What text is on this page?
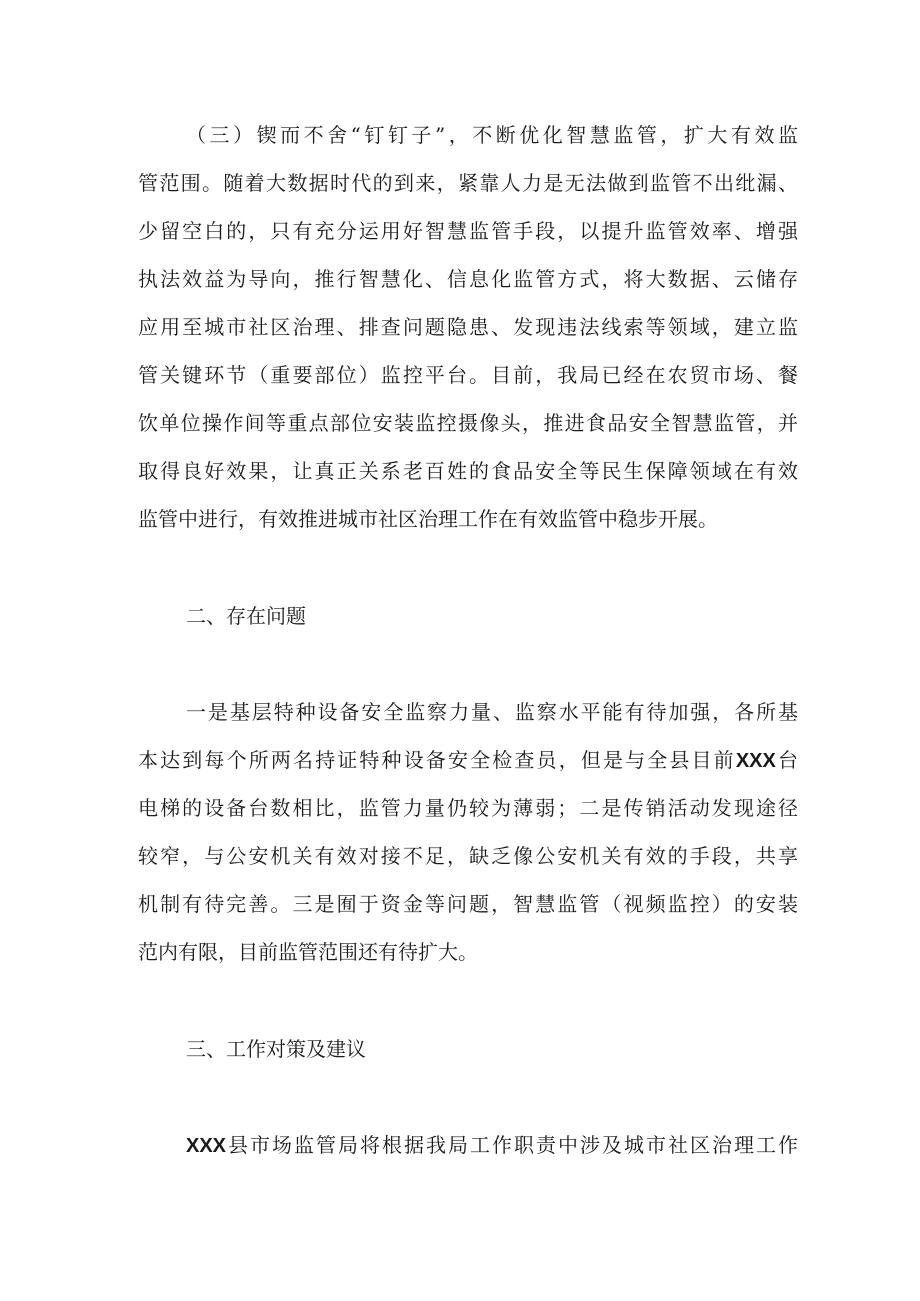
（三）锲而不舍“钉钉子”，不断优化智慧监管，扩大有效监
管范围。随着大数据时代的到来，紧靠人力是无法做到监管不出纰漏、
少留空白的，只有充分运用好智慧监管手段，以提升监管效率、增强
执法效益为导向，推行智慧化、信息化监管方式，将大数据、云储存
应用至城市社区治理、排查问题隐患、发现违法线索等领域，建立监
管关键环节（重要部位）监控平台。目前，我局已经在农贸市场、餐
饮单位操作间等重点部位安装监控摄像头，推进食品安全智慧监管，并
取得良好效果，让真正关系老百姓的食品安全等民生保障领域在有效
监管中进行，有效推进城市社区治理工作在有效监管中稳步开展。
二、存在问题
一是基层特种设备安全监察力量、监察水平能有待加强，各所基
本达到每个所两名持证特种设备安全检查员，但是与全县目前XXX台
电梯的设备台数相比，监管力量仍较为薄弱；二是传销活动发现途径
较窄，与公安机关有效对接不足，缺乏像公安机关有效的手段，共享
机制有待完善。三是囿于资金等问题，智慧监管（视频监控）的安装
范内有限，目前监管范围还有待扩大。
三、工作对策及建议
XXX县市场监管局将根据我局工作职责中涉及城市社区治理工作
